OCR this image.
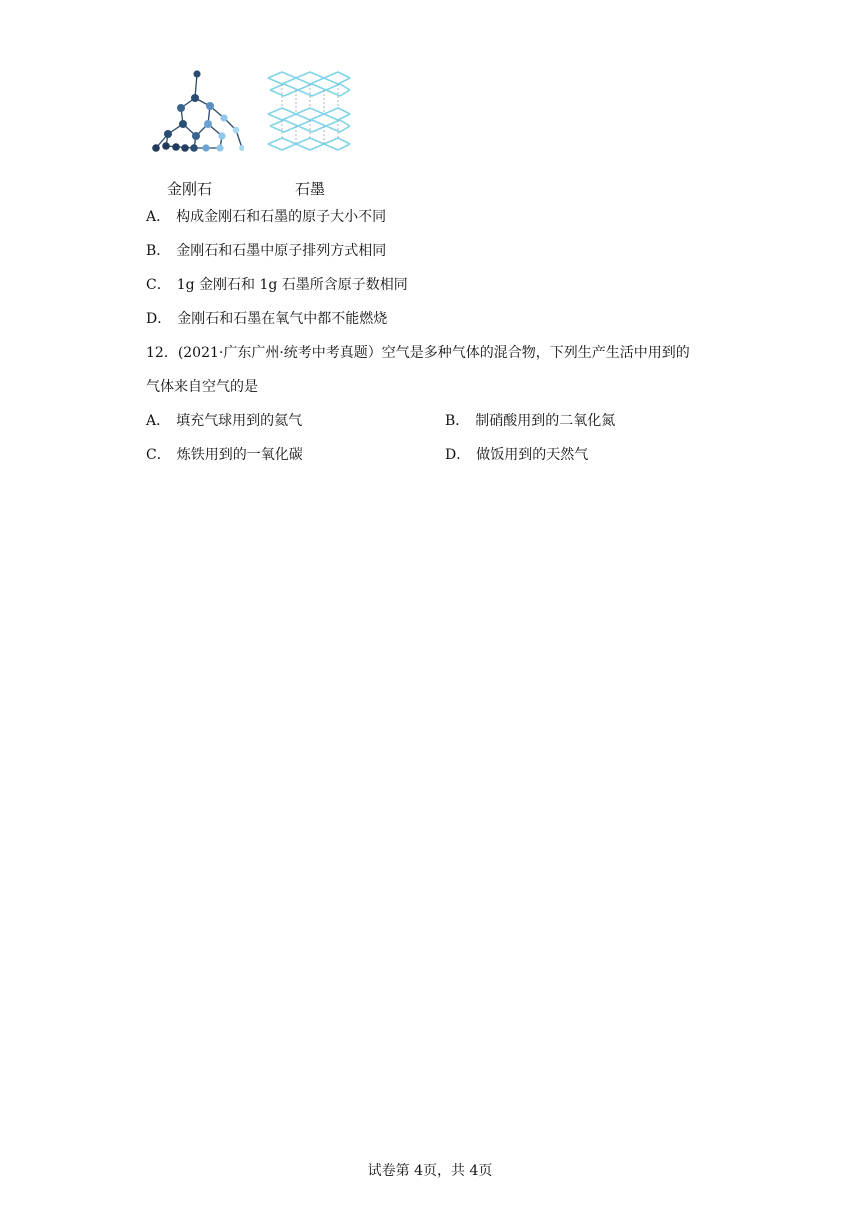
金刚石	石墨
A． 构成金刚石和石墨的原子大小不同
B． 金刚石和石墨中原子排列方式相同
C． 1g 金刚石和 1g 石墨所含原子数相同
D． 金刚石和石墨在氧气中都不能燃烧
12．(2021·广东广州·统考中考真题）空气是多种气体的混合物，下列生产生活中用到的
气体来自空气的是
A． 填充气球用到的氦气	B． 制硝酸用到的二氧化氮
C． 炼铁用到的一氧化碳	D． 做饭用到的天然气
试卷第 4页，共 4页
